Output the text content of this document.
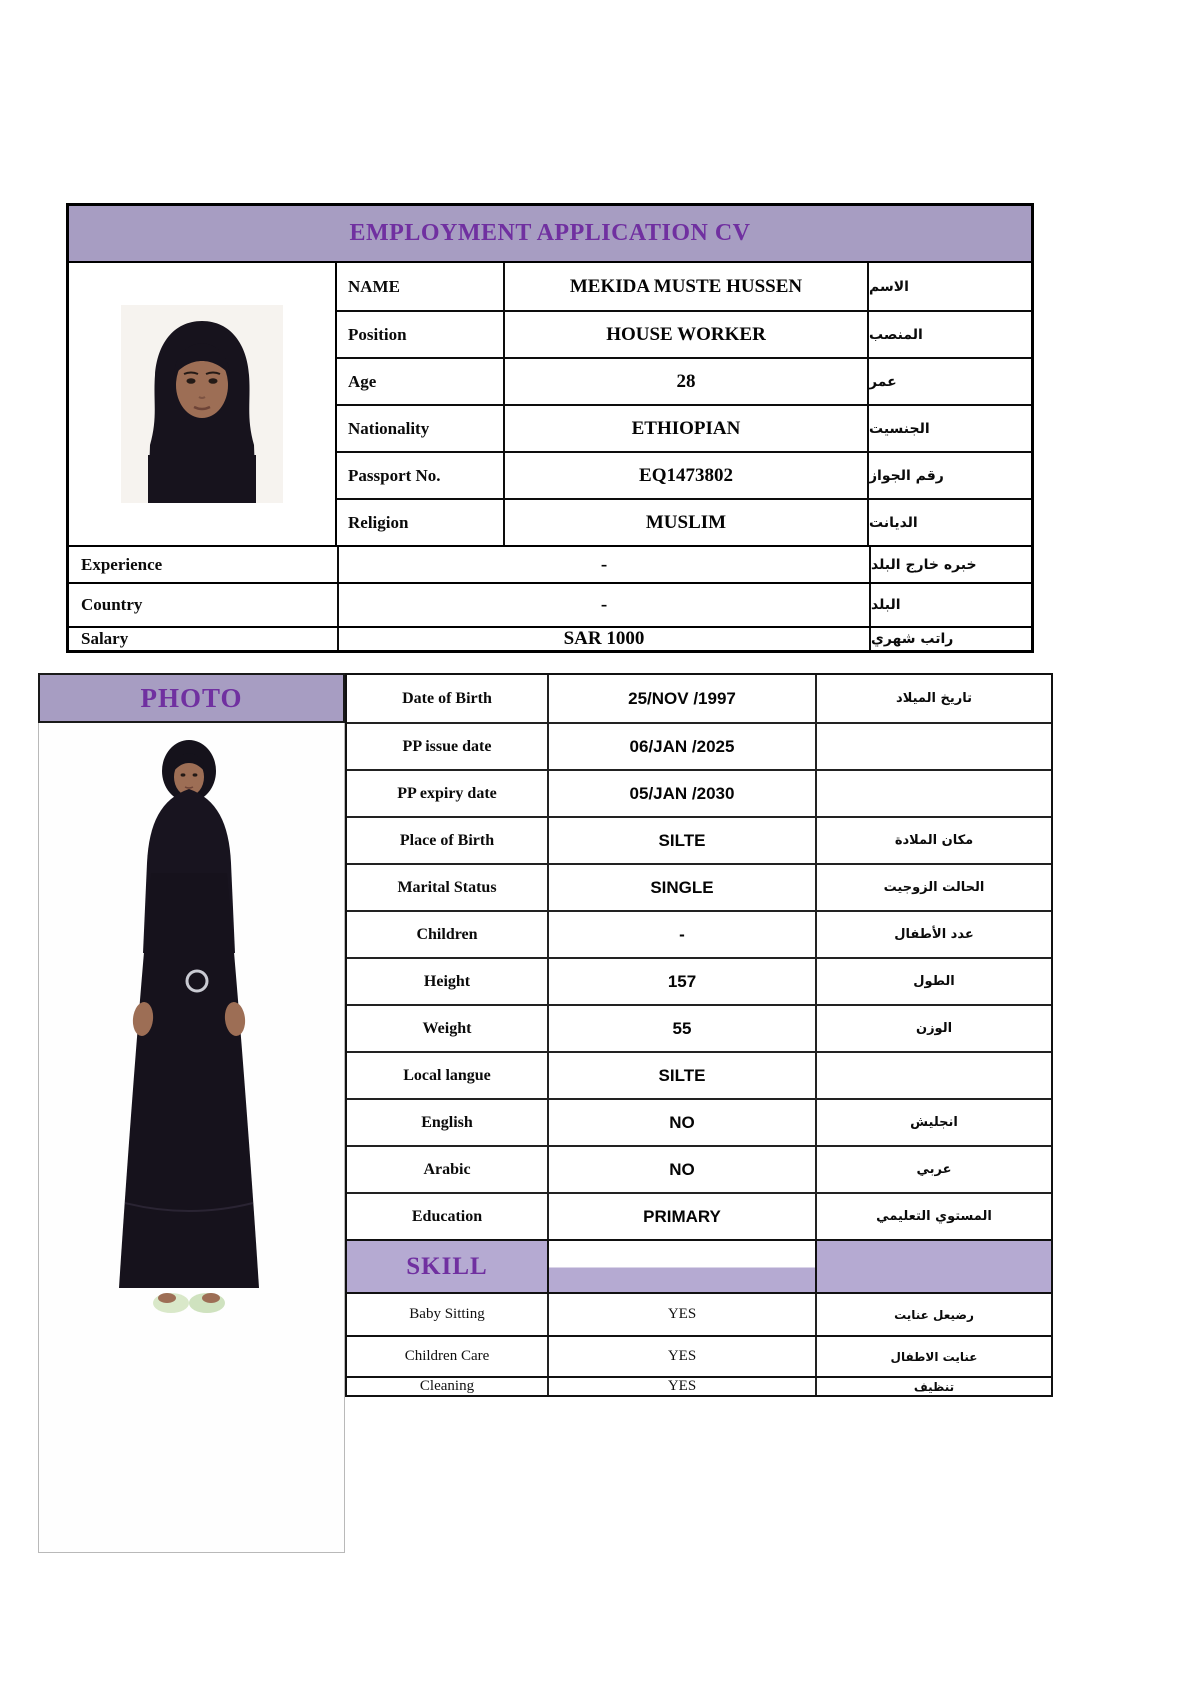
EMPLOYMENT APPLICATION CV
NAME	MEKIDA MUSTE HUSSEN	الاسم
Position	HOUSE WORKER	المنصب
Age	28	عمر
Nationality	ETHIOPIAN	الجنسيت
Passport No.	EQ1473802	رقم الجواز
Religion	MUSLIM	الديانت
Experience	-	خبره خارج البلد
Country	-	البلد
Salary	SAR 1000	راتب شهري
PHOTO	Date of Birth	25/NOV /1997	تاريخ الميلاد
PP issue date	06/JAN /2025
PP expiry date	05/JAN /2030
Place of Birth	SILTE	مكان الملادة
Marital Status	SINGLE	الحالت الزوجيت
Children	-	عدد الأطفال
Height	157	الطول
Weight	55	الوزن
Local langue	SILTE
English	NO	انجليش
Arabic	NO	عربي
Education	PRIMARY	المستوي التعليمي
SKILL
Baby Sitting	YES	رضيعل عنايت
Children Care	YES	عنايت الاطفال
Cleaning	YES	تنظيف
